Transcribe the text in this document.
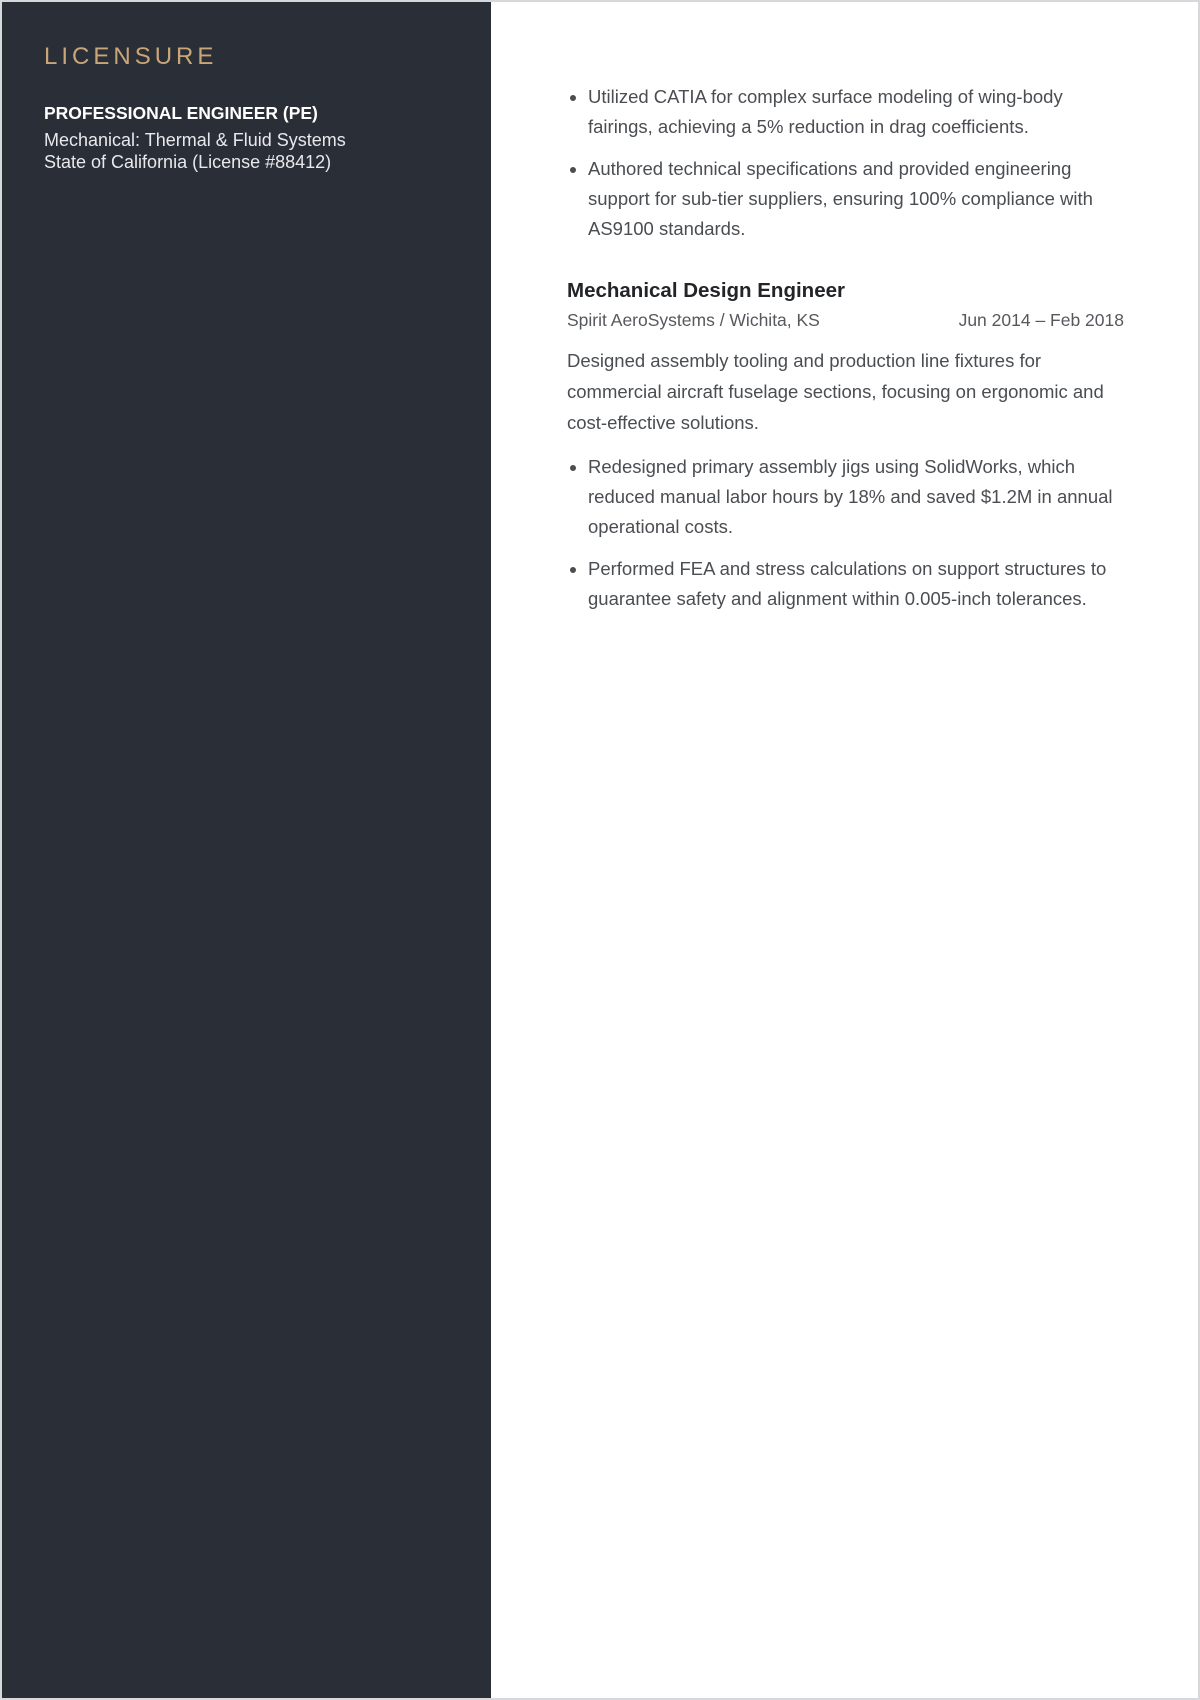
LICENSURE

PROFESSIONAL ENGINEER (PE)

Mechanical: Thermal & Fluid Systems

State of California (License #88412)

• Utilized CATIA for complex surface modeling of wing-body fairings, achieving a 5% reduction in drag coefficients.
• Authored technical specifications and provided engineering support for sub-tier suppliers, ensuring 100% compliance with AS9100 standards.
Mechanical Design Engineer
Spirit AeroSystems / Wichita, KS	Jun 2014 – Feb 2018

Designed assembly tooling and production line fixtures for commercial aircraft fuselage sections, focusing on ergonomic and cost-effective solutions.

• Redesigned primary assembly jigs using SolidWorks, which reduced manual labor hours by 18% and saved $1.2M in annual operational costs.
• Performed FEA and stress calculations on support structures to guarantee safety and alignment within 0.005-inch tolerances.
